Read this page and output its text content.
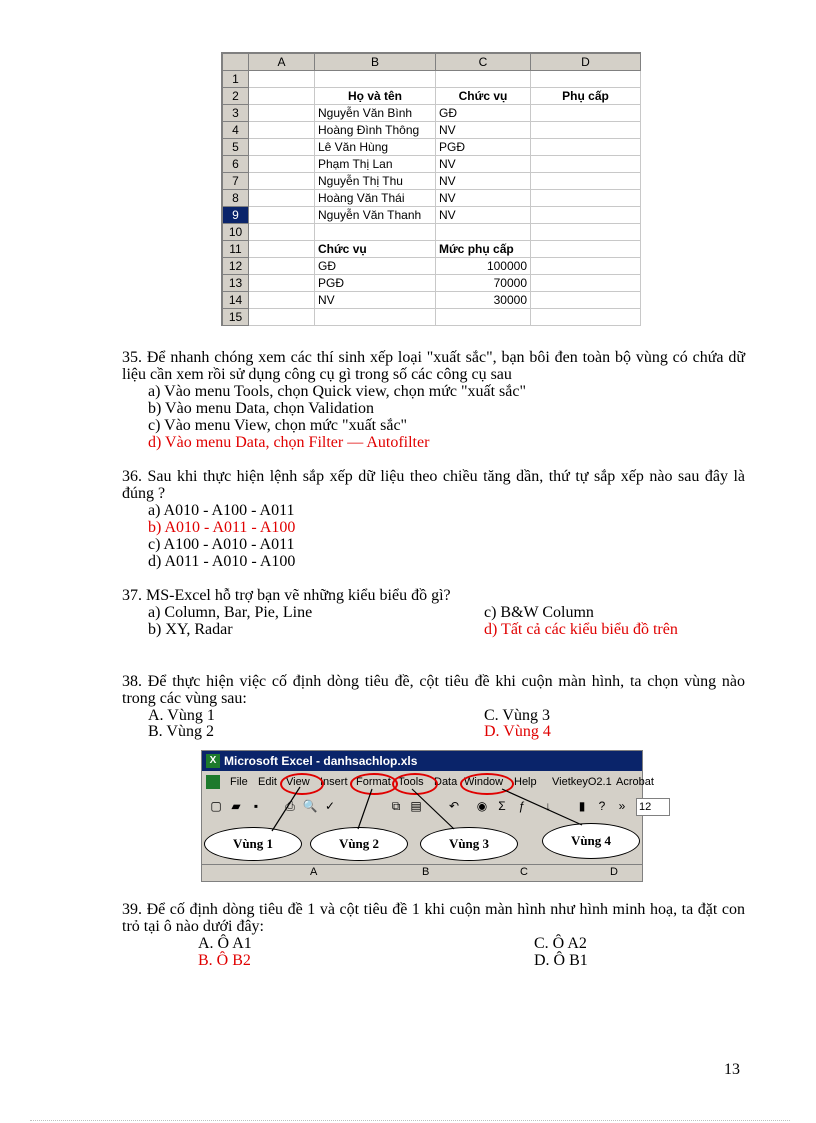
	A	B	C	D
1				
2		Họ và tên	Chức vụ	Phụ cấp
3		Nguyễn Văn Bình	GĐ	
4		Hoàng Đình Thông	NV	
5		Lê Văn Hùng	PGĐ	
6		Phạm Thị Lan	NV	
7		Nguyễn Thị Thu	NV	
8		Hoàng Văn Thái	NV	
9		Nguyễn Văn Thanh	NV	
10				
11		Chức vụ	Mức phụ cấp	
12		GĐ	100000	
13		PGĐ	70000	
14		NV	30000	
15				
35. Để nhanh chóng xem các thí sinh xếp loại "xuất sắc", bạn bôi đen toàn bộ vùng có chứa dữ liệu cần xem rồi sử dụng công cụ gì trong số các công cụ sau
a) Vào menu Tools, chọn Quick view, chọn mức "xuất sắc"
b) Vào menu Data, chọn Validation
c) Vào menu View, chọn mức "xuất sắc"
d) Vào menu Data, chọn Filter — Autofilter
36. Sau khi thực hiện lệnh sắp xếp dữ liệu theo chiều tăng dần, thứ tự sắp xếp nào sau đây là đúng ?
a) A010 - A100 - A011
b) A010 - A011 - A100
c) A100 - A010 - A011
d) A011 - A010 - A100
37. MS-Excel hỗ trợ bạn vẽ những kiểu biểu đồ gì?
a) Column, Bar, Pie, Line
b) XY, Radar
c) B&W Column
d) Tất cả các kiểu biểu đồ trên
38. Để thực hiện việc cố định dòng tiêu đề, cột tiêu đề khi cuộn màn hình, ta chọn vùng nào trong các vùng sau:
A. Vùng 1
B. Vùng 2
C. Vùng 3
D. Vùng 4
X Microsoft Excel - danhsachlop.xls
File Edit View Insert Format Tools Data Window Help VietkeyO2.1 Acrobat
▢ ▰	▪	⎙ 🔍 ✓	⧉ ▤ ↶ ◉ Σ	ƒ	↓	▮	?	»	12
Vùng 1	Vùng 2	Vùng 3	Vùng 4
A	B	C	D
39. Để cố định dòng tiêu đề 1 và cột tiêu đề 1 khi cuộn màn hình như hình minh hoạ, ta đặt con trỏ tại ô nào dưới đây:
A. Ô A1
B. Ô B2
C. Ô A2
D. Ô B1
13
